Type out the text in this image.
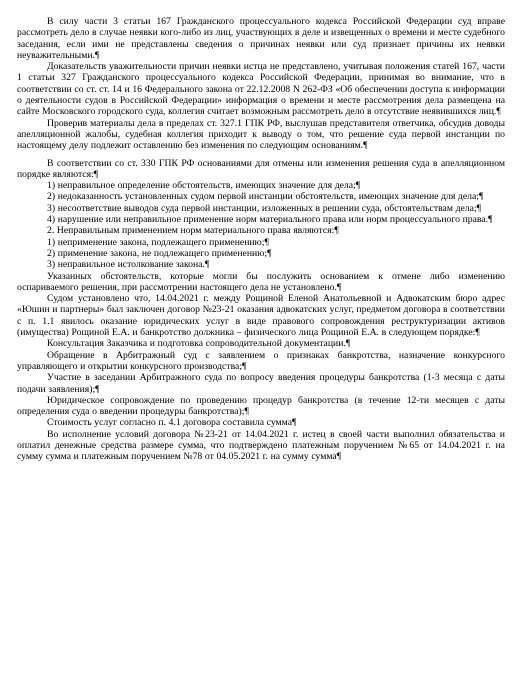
В силу части 3 статьи 167 Гражданского процессуального кодекса Российской Федерации суд вправе рассмотреть дело в случае неявки кого-либо из лиц, участвующих в деле и извещенных о времени и месте судебного заседания, если ими не представлены сведения о причинах неявки или суд признает причины их неявки неуважительными.¶

Доказательств уважительности причин неявки истца не представлено, учитывая положения статей 167, части 1 статьи 327 Гражданского процессуального кодекса Российской Федерации, принимая во внимание, что в соответствии со ст. ст. 14 и 16 Федерального закона от 22.12.2008 N 262-ФЗ «Об обеспечении доступа к информации о деятельности судов в Российской Федерации» информация о времени и месте рассмотрения дела размещена на сайте Московского городского суда, коллегия считает возможным рассмотреть дело в отсутствие неявившихся лиц.¶

Проверив материалы дела в пределах ст. 327.1 ГПК РФ, выслушав представителя ответчика, обсудив доводы апелляционной жалобы, судебная коллегия приходит к выводу о том, что решение суда первой инстанции по настоящему делу подлежит оставлению без изменения по следующим основаниям.¶

В соответствии со ст. 330 ГПК РФ основаниями для отмены или изменения решения суда в апелляционном порядке являются:¶

1) неправильное определение обстоятельств, имеющих значение для дела;¶

2) недоказанность установленных судом первой инстанции обстоятельств, имеющих значение для дела;¶

3) несоответствие выводов суда первой инстанции, изложенных в решении суда, обстоятельствам дела;¶

4) нарушение или неправильное применение норм материального права или норм процессуального права.¶

2. Неправильным применением норм материального права являются:¶

1) неприменение закона, подлежащего применению;¶

2) применение закона, не подлежащего применению;¶

3) неправильное истолкование закона.¶

Указанных обстоятельств, которые могли бы послужить основанием к отмене либо изменению оспариваемого решения, при рассмотрении настоящего дела не установлено.¶

Судом установлено что, 14.04.2021 г. между Рощиной Еленой Анатольевной и Адвокатским бюро адрес «Юшин и партнеры» был заключен договор №23-21 оказания адвокатских услуг, предметом договора в соответствии с п. 1.1 явилось оказание юридических услуг в виде правового сопровождения реструктуризации активов (имущества) Рощиной Е.А. и банкротство должника – физического лица Рощиной Е.А. в следующем порядке:¶

Консультация Заказчика и подготовка сопроводительной документации.¶

Обращение в Арбитражный суд с заявлением о признаках банкротства, назначение конкурсного управляющего и открытии конкурсного производства;¶

Участие в заседании Арбитражного суда по вопросу введения процедуры банкротства (1-3 месяца с даты подачи заявления);¶

Юридическое сопровождение по проведению процедур банкротства (в течение 12-ти месяцев с даты определения суда о введении процедуры банкротства);¶

Стоимость услуг согласно п. 4.1 договора составила сумма¶

Во исполнение условий договора №23-21 от 14.04.2021 г. истец в своей части выполнил обязательства и оплатил денежные средства размере сумма, что подтверждено платежным поручением №65 от 14.04.2021 г. на сумму сумма и платежным поручением №78 от 04.05.2021 г. на сумму сумма¶
